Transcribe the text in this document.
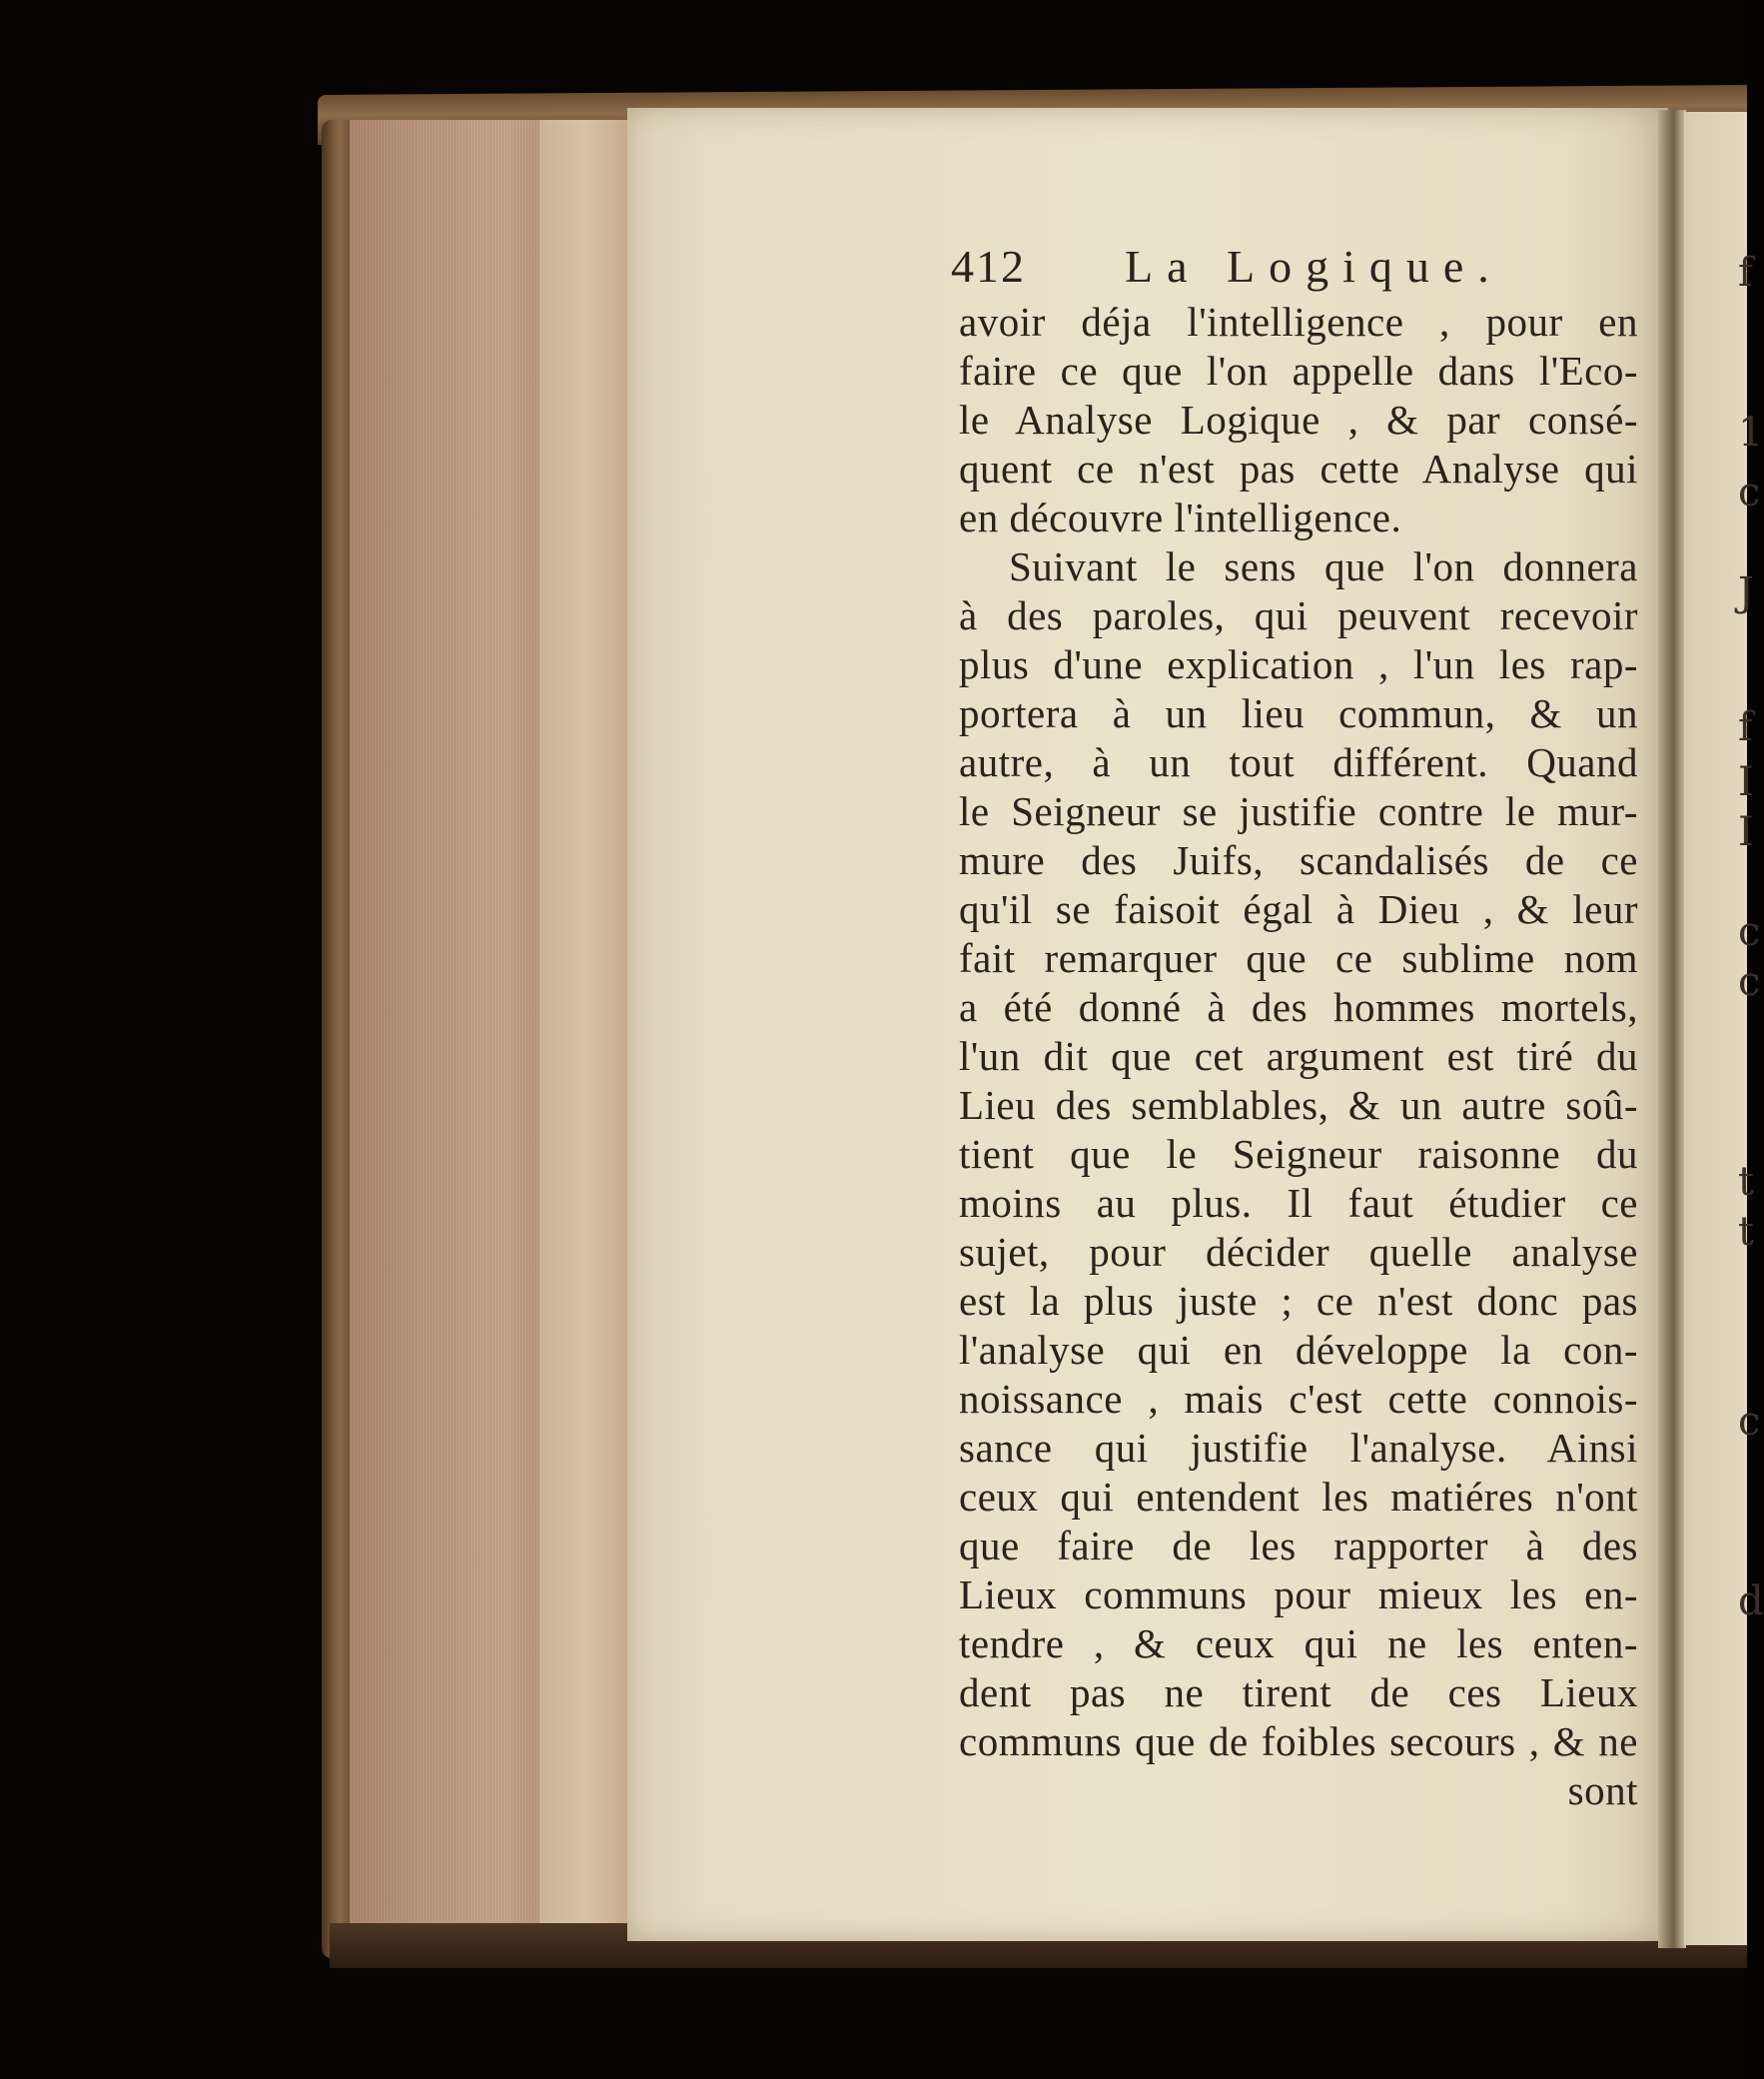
f
1
c
J
f
I
I
c
c
t
t
c
d
412 La Logique.
avoir déja l'intelligence , pour en
faire ce que l'on appelle dans l'Eco-
le Analyse Logique , & par consé-
quent ce n'est pas cette Analyse qui
en découvre l'intelligence.
Suivant le sens que l'on donnera
à des paroles, qui peuvent recevoir
plus d'une explication , l'un les rap-
portera à un lieu commun, & un
autre, à un tout différent. Quand
le Seigneur se justifie contre le mur-
mure des Juifs, scandalisés de ce
qu'il se faisoit égal à Dieu , & leur
fait remarquer que ce sublime nom
a été donné à des hommes mortels,
l'un dit que cet argument est tiré du
Lieu des semblables, & un autre soû-
tient que le Seigneur raisonne du
moins au plus. Il faut étudier ce
sujet, pour décider quelle analyse
est la plus juste ; ce n'est donc pas
l'analyse qui en développe la con-
noissance , mais c'est cette connois-
sance qui justifie l'analyse. Ainsi
ceux qui entendent les matiéres n'ont
que faire de les rapporter à des
Lieux communs pour mieux les en-
tendre , & ceux qui ne les enten-
dent pas ne tirent de ces Lieux
communs que de foibles secours , & ne
sont
